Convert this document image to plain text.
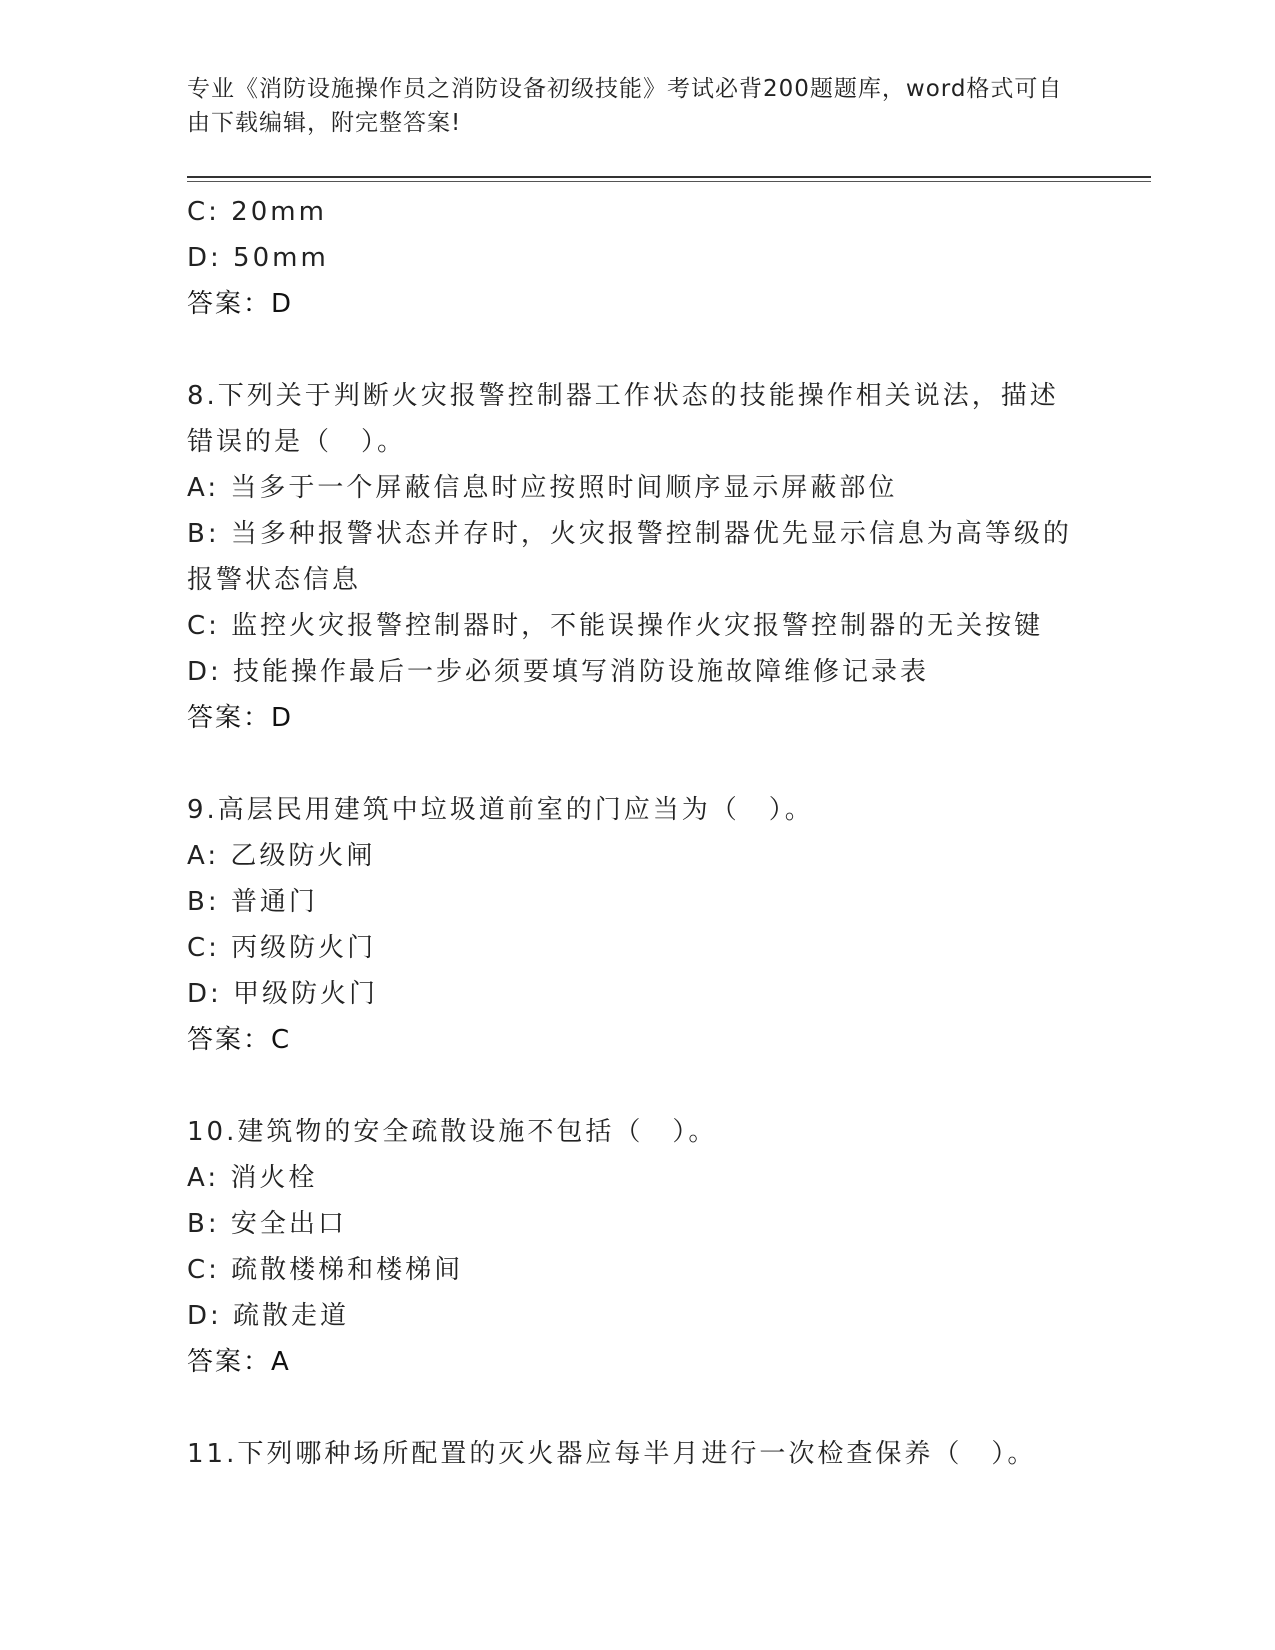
专业《消防设施操作员之消防设备初级技能》考试必背200题题库，word格式可自由下载编辑，附完整答案!
C: 20mm
D: 50mm
答案：D
8.下列关于判断火灾报警控制器工作状态的技能操作相关说法，描述错误的是（　）。
A: 当多于一个屏蔽信息时应按照时间顺序显示屏蔽部位
B: 当多种报警状态并存时，火灾报警控制器优先显示信息为高等级的报警状态信息
C: 监控火灾报警控制器时，不能误操作火灾报警控制器的无关按键
D: 技能操作最后一步必须要填写消防设施故障维修记录表
答案：D
9.高层民用建筑中垃圾道前室的门应当为（　）。
A: 乙级防火闸
B: 普通门
C: 丙级防火门
D: 甲级防火门
答案：C
10.建筑物的安全疏散设施不包括（　）。
A: 消火栓
B: 安全出口
C: 疏散楼梯和楼梯间
D: 疏散走道
答案：A
11.下列哪种场所配置的灭火器应每半月进行一次检查保养（　）。
